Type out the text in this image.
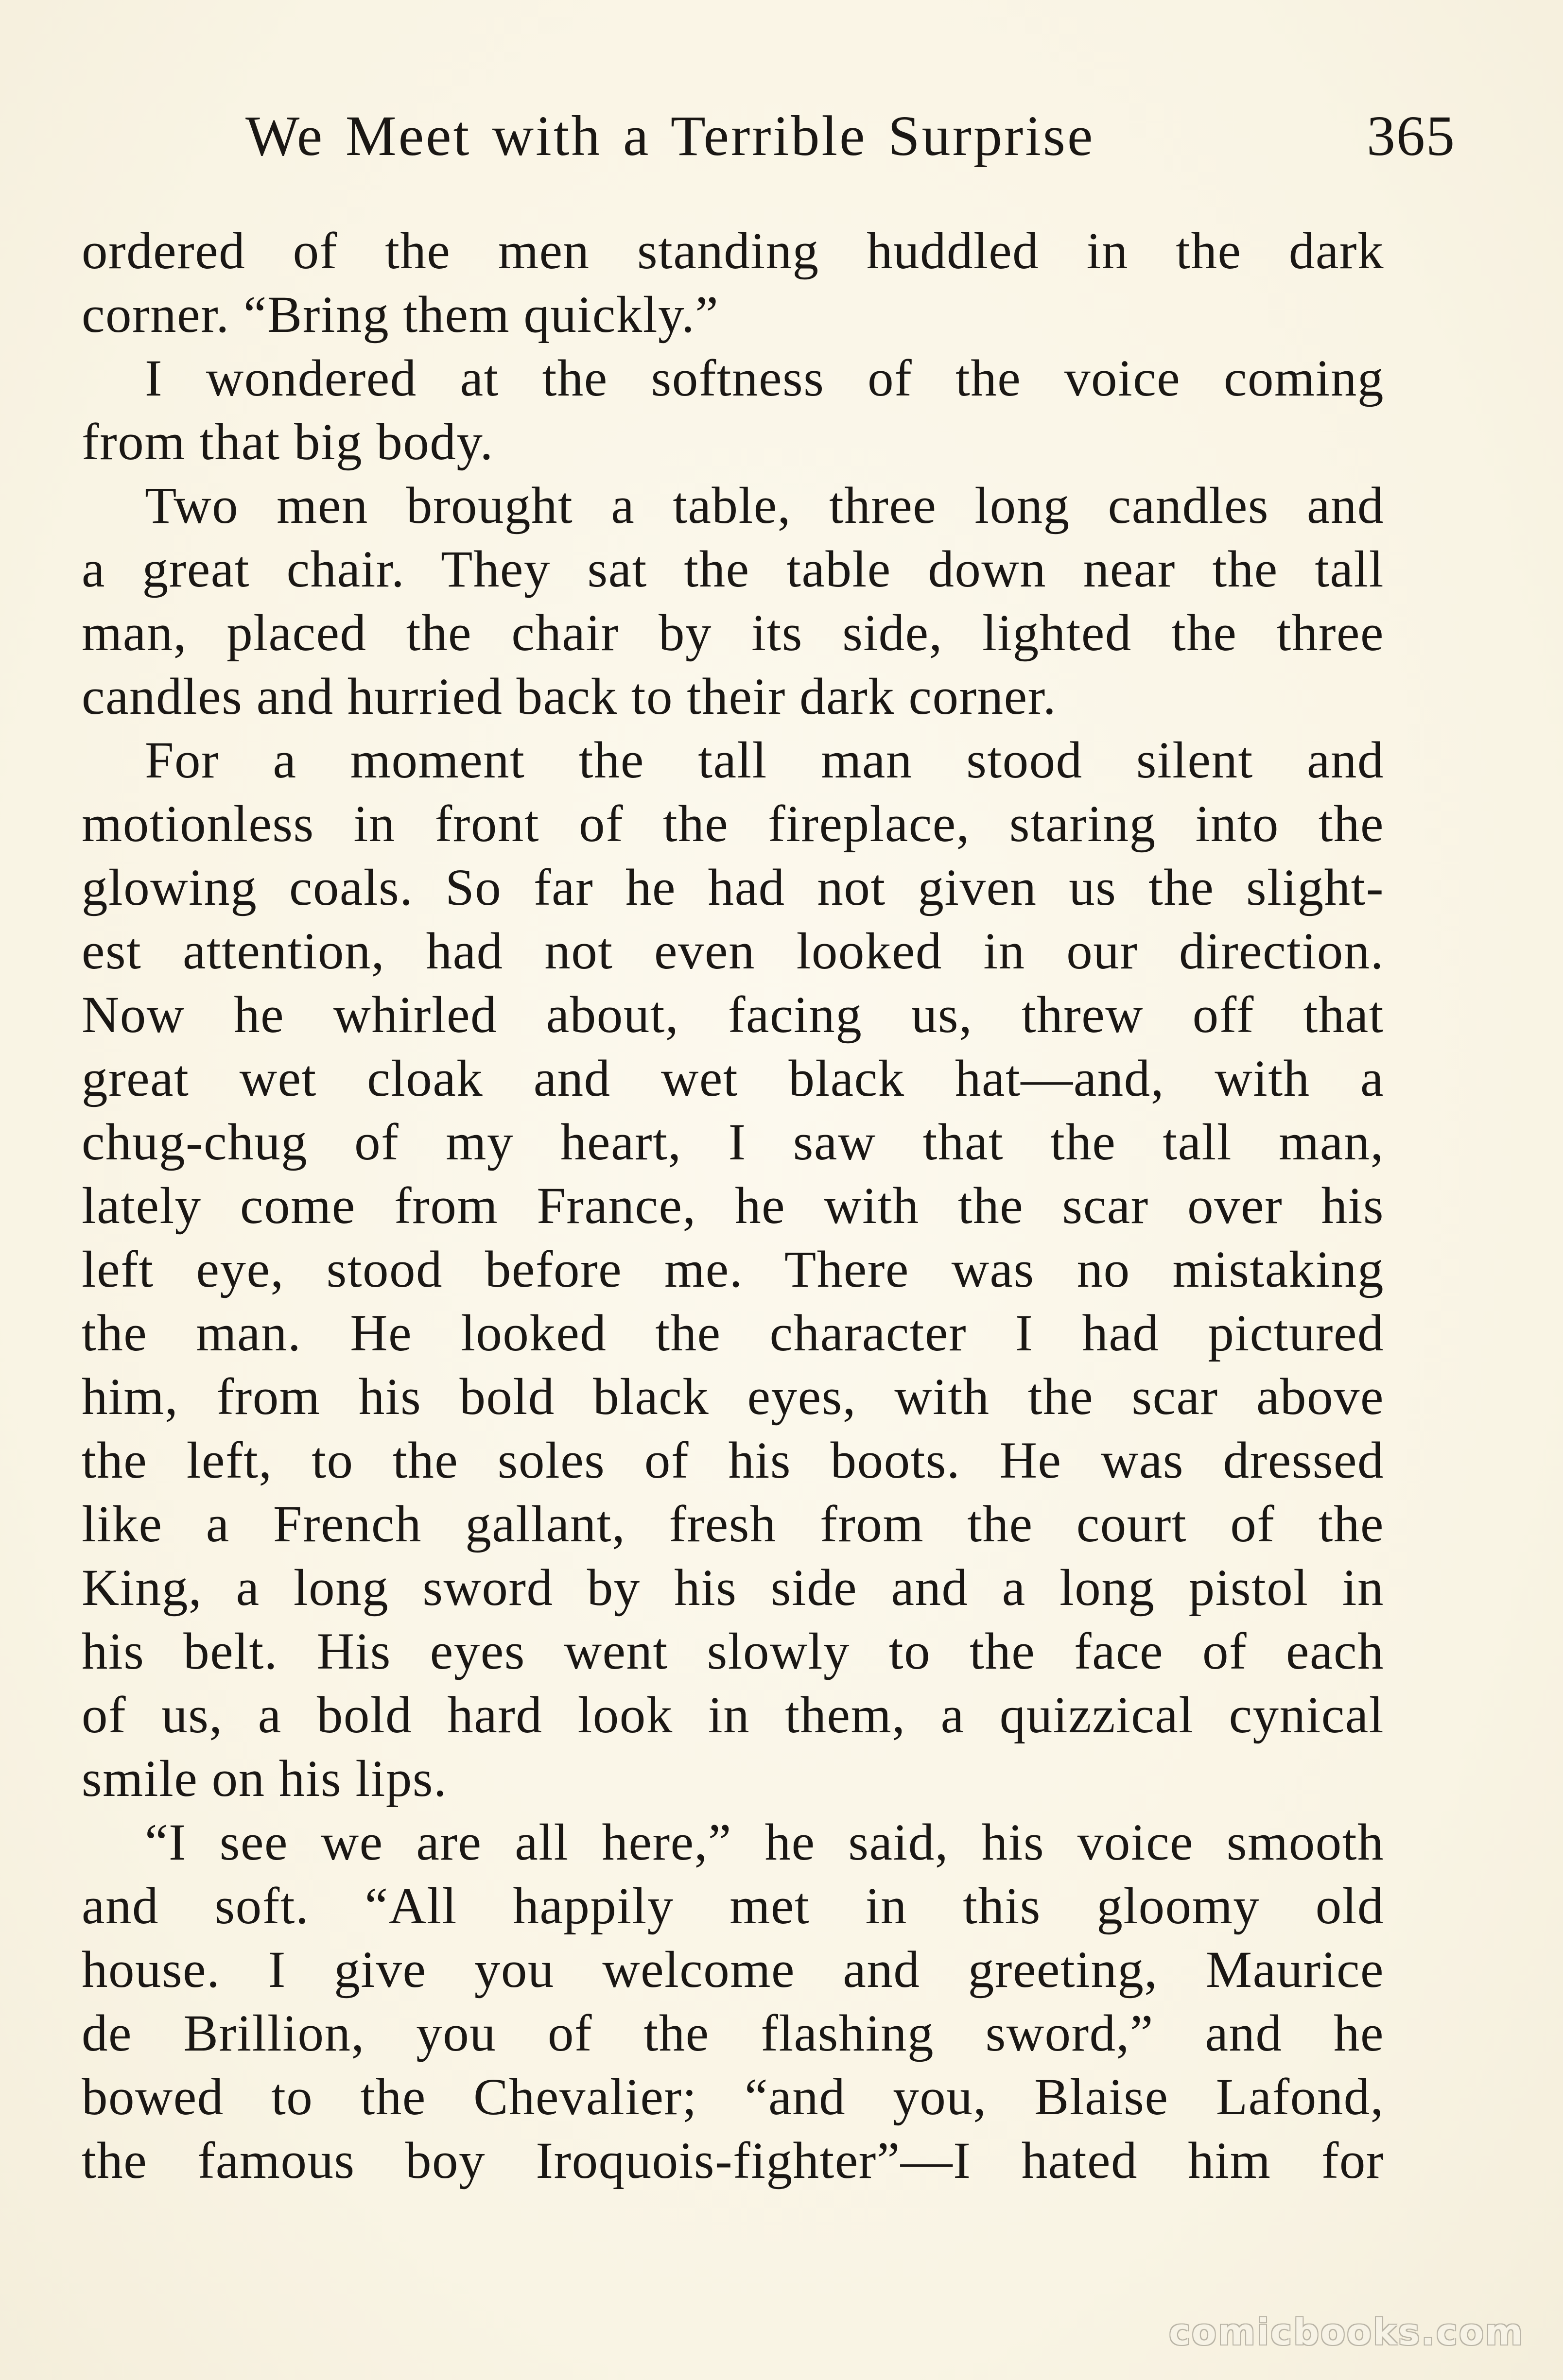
We Meet with a Terrible Surprise	365
ordered of the men standing huddled in the dark
corner. “Bring them quickly.”
I wondered at the softness of the voice coming
from that big body.
Two men brought a table, three long candles and
a great chair. They sat the table down near the tall
man, placed the chair by its side, lighted the three
candles and hurried back to their dark corner.
For a moment the tall man stood silent and
motionless in front of the fireplace, staring into the
glowing coals. So far he had not given us the slight-
est attention, had not even looked in our direction.
Now he whirled about, facing us, threw off that
great wet cloak and wet black hat—and, with a
chug-chug of my heart, I saw that the tall man,
lately come from France, he with the scar over his
left eye, stood before me. There was no mistaking
the man. He looked the character I had pictured
him, from his bold black eyes, with the scar above
the left, to the soles of his boots. He was dressed
like a French gallant, fresh from the court of the
King, a long sword by his side and a long pistol in
his belt. His eyes went slowly to the face of each
of us, a bold hard look in them, a quizzical cynical
smile on his lips.
“I see we are all here,” he said, his voice smooth
and soft. “All happily met in this gloomy old
house. I give you welcome and greeting, Maurice
de Brillion, you of the flashing sword,” and he
bowed to the Chevalier; “and you, Blaise Lafond,
the famous boy Iroquois-fighter”—I hated him for
comicbooks.com
